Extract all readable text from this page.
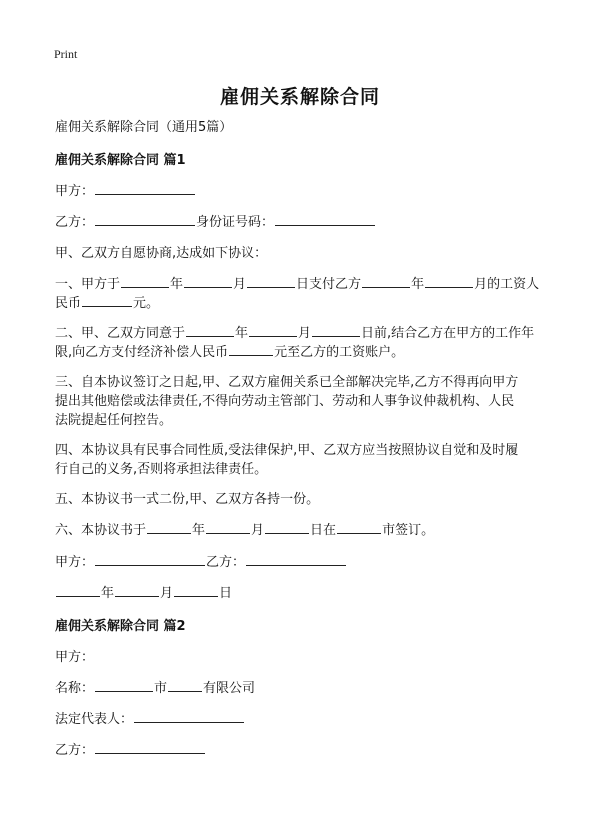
Print
雇佣关系解除合同
雇佣关系解除合同（通用5篇）
雇佣关系解除合同 篇1
甲方：
乙方：	身份证号码：
甲、乙双方自愿协商,达成如下协议：
一、甲方于	年	月	日支付乙方	年	月的工资人
民币	元。
二、甲、乙双方同意于	年	月	日前,结合乙方在甲方的工作年
限,向乙方支付经济补偿人民币	元至乙方的工资账户。
三、自本协议签订之日起,甲、乙双方雇佣关系已全部解决完毕,乙方不得再向甲方
提出其他赔偿或法律责任,不得向劳动主管部门、劳动和人事争议仲裁机构、人民
法院提起任何控告。
四、本协议具有民事合同性质,受法律保护,甲、乙双方应当按照协议自觉和及时履
行自己的义务,否则将承担法律责任。
五、本协议书一式二份,甲、乙双方各持一份。
六、本协议书于	年	月	日在	市签订。
甲方：	乙方：
年	月	日
雇佣关系解除合同 篇2
甲方：
名称：	市	有限公司
法定代表人：
乙方：
